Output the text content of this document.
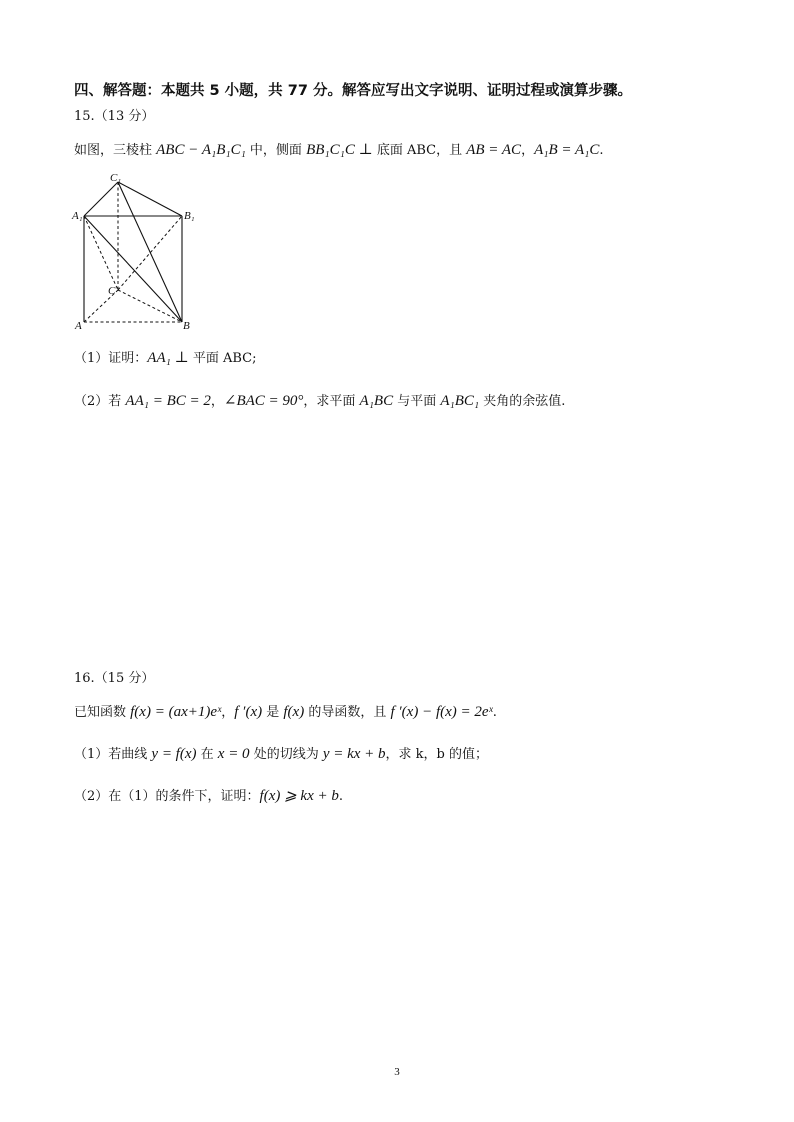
四、解答题：本题共 5 小题，共 77 分。解答应写出文字说明、证明过程或演算步骤。
15.（13 分）
如图，三棱柱 ABC − A₁B₁C₁ 中，侧面 BB₁C₁C ⊥ 底面 ABC，且 AB = AC，A₁B = A₁C.
C₁
A₁	B₁
C
A	B
（1）证明：AA₁ ⊥ 平面 ABC;
（2）若 AA₁ = BC = 2，∠BAC = 90°，求平面 A₁BC 与平面 A₁BC₁ 夹角的余弦值.
16.（15 分）
已知函数 f(x) = (ax+1)eˣ，f ′(x) 是 f(x) 的导函数，且 f ′(x) − f(x) = 2eˣ.
（1）若曲线 y = f(x) 在 x = 0 处的切线为 y = kx + b，求 k，b 的值；
（2）在（1）的条件下，证明：f(x) ⩾ kx + b.
3
